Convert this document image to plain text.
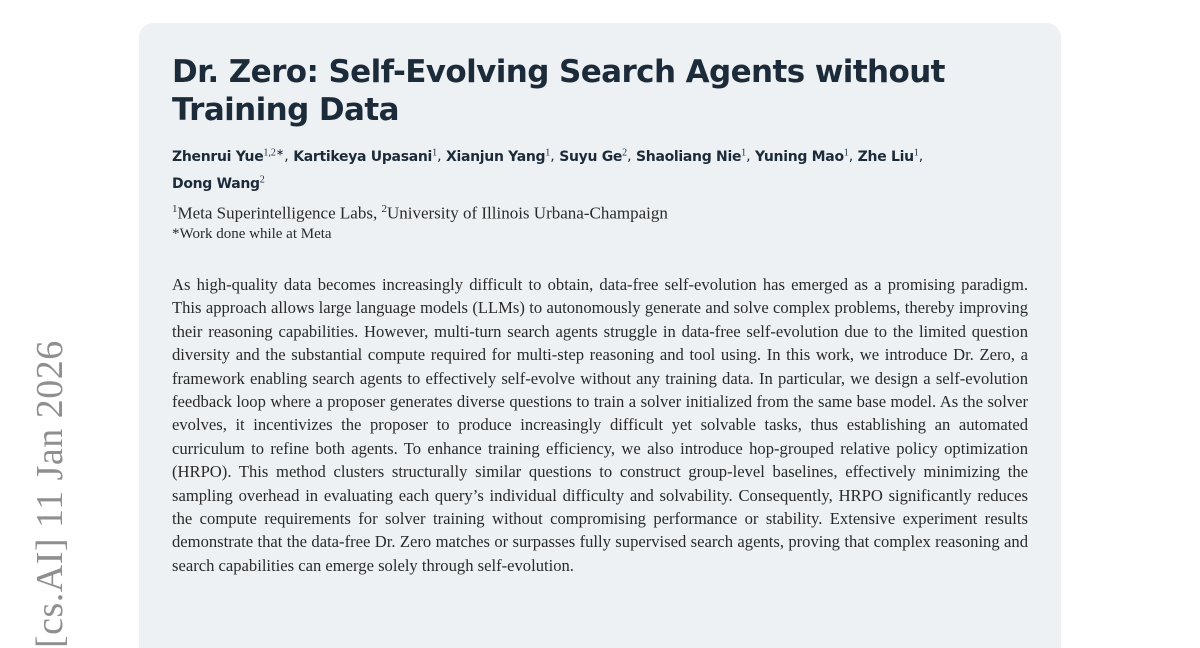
[cs.AI] 11 Jan 2026
Dr. Zero: Self-Evolving Search Agents without Training Data

Zhenrui Yue$^{1,2∗}$, Kartikeya Upasani$^1$, Xianjun Yang$^1$, Suyu Ge$^2$, Shaoliang Nie$^1$, Yuning Mao$^1$, Zhe Liu$^1$,
Dong Wang$^2$

$^1$Meta Superintelligence Labs, $^2$University of Illinois Urbana-Champaign

*Work done while at Meta

As high-quality data becomes increasingly difficult to obtain, data-free self-evolution has emerged as a promising paradigm. This approach allows large language models (LLMs) to autonomously generate and solve complex problems, thereby improving their reasoning capabilities. However, multi-turn search agents struggle in data-free self-evolution due to the limited question diversity and the substantial compute required for multi-step reasoning and tool using. In this work, we introduce Dr. Zero, a framework enabling search agents to effectively self-evolve without any training data. In particular, we design a self-evolution feedback loop where a proposer generates diverse questions to train a solver initialized from the same base model. As the solver evolves, it incentivizes the proposer to produce increasingly difficult yet solvable tasks, thus establishing an automated curriculum to refine both agents. To enhance training efficiency, we also introduce hop-grouped relative policy optimization (HRPO). This method clusters structurally similar questions to construct group-level baselines, effectively minimizing the sampling overhead in evaluating each query’s individual difficulty and solvability. Consequently, HRPO significantly reduces the compute requirements for solver training without compromising performance or stability. Extensive experiment results demonstrate that the data-free Dr. Zero matches or surpasses fully supervised search agents, proving that complex reasoning and search capabilities can emerge solely through self-evolution.
